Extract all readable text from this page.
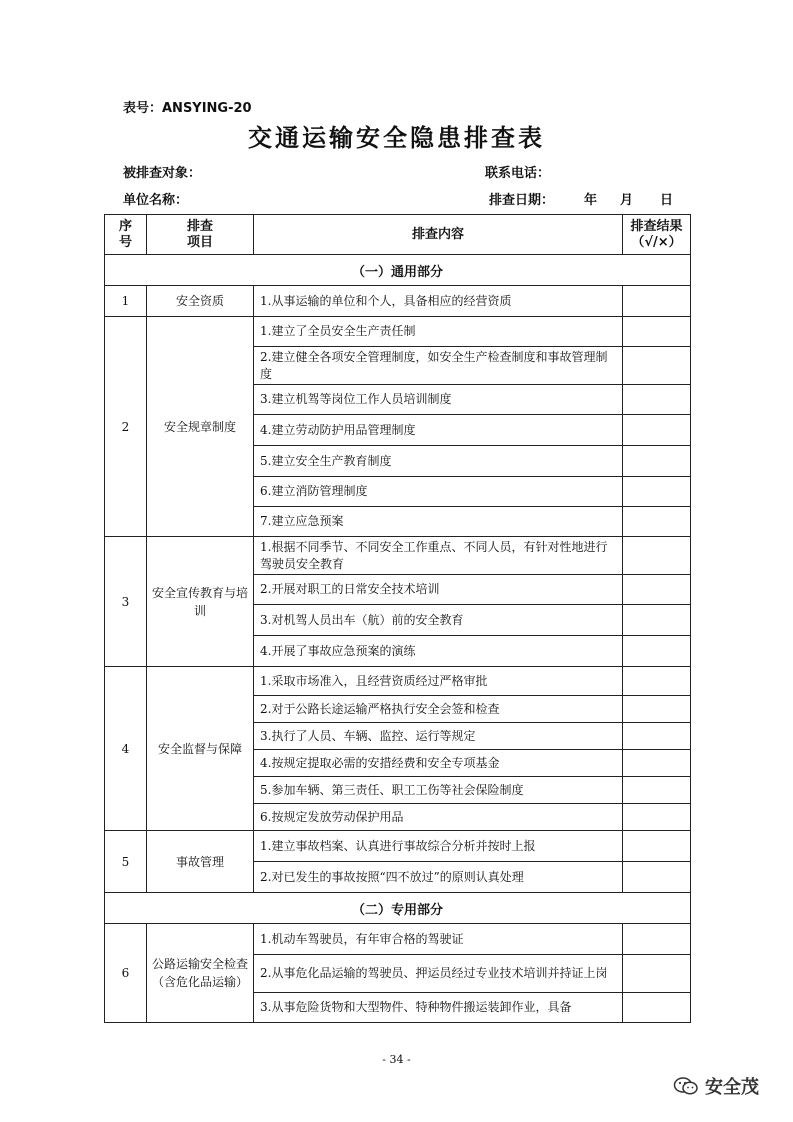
表号：ANSYING-20
交通运输安全隐患排查表
被排查对象：	联系电话：
单位名称：	排查日期： 年 月 日
序
号	排查
项目	排查内容	排查结果
（√/×）
（一）通用部分			
1	安全资质	1.从事运输的单位和个人，具备相应的经营资质	
2	安全规章制度	1.建立了全员安全生产责任制	
		2.建立健全各项安全管理制度，如安全生产检查制度和事故管理制度	
		3.建立机驾等岗位工作人员培训制度	
		4.建立劳动防护用品管理制度	
		5.建立安全生产教育制度	
		6.建立消防管理制度	
		7.建立应急预案	
3	安全宣传教育与培训	1.根据不同季节、不同安全工作重点、不同人员，有针对性地进行驾驶员安全教育	
		2.开展对职工的日常安全技术培训	
		3.对机驾人员出车（航）前的安全教育	
		4.开展了事故应急预案的演练	
4	安全监督与保障	1.采取市场准入，且经营资质经过严格审批	
		2.对于公路长途运输严格执行安全会签和检查	
		3.执行了人员、车辆、监控、运行等规定	
		4.按规定提取必需的安措经费和安全专项基金	
		5.参加车辆、第三责任、职工工伤等社会保险制度	
		6.按规定发放劳动保护用品	
5	事故管理	1.建立事故档案、认真进行事故综合分析并按时上报	
		2.对已发生的事故按照“四不放过”的原则认真处理	
（二）专用部分			
6	公路运输安全检查（含危化品运输）	1.机动车驾驶员，有年审合格的驾驶证	
		2.从事危化品运输的驾驶员、押运员经过专业技术培训并持证上岗	
		3.从事危险货物和大型物件、特种物件搬运装卸作业，具备	
- 34 -
安全茂
